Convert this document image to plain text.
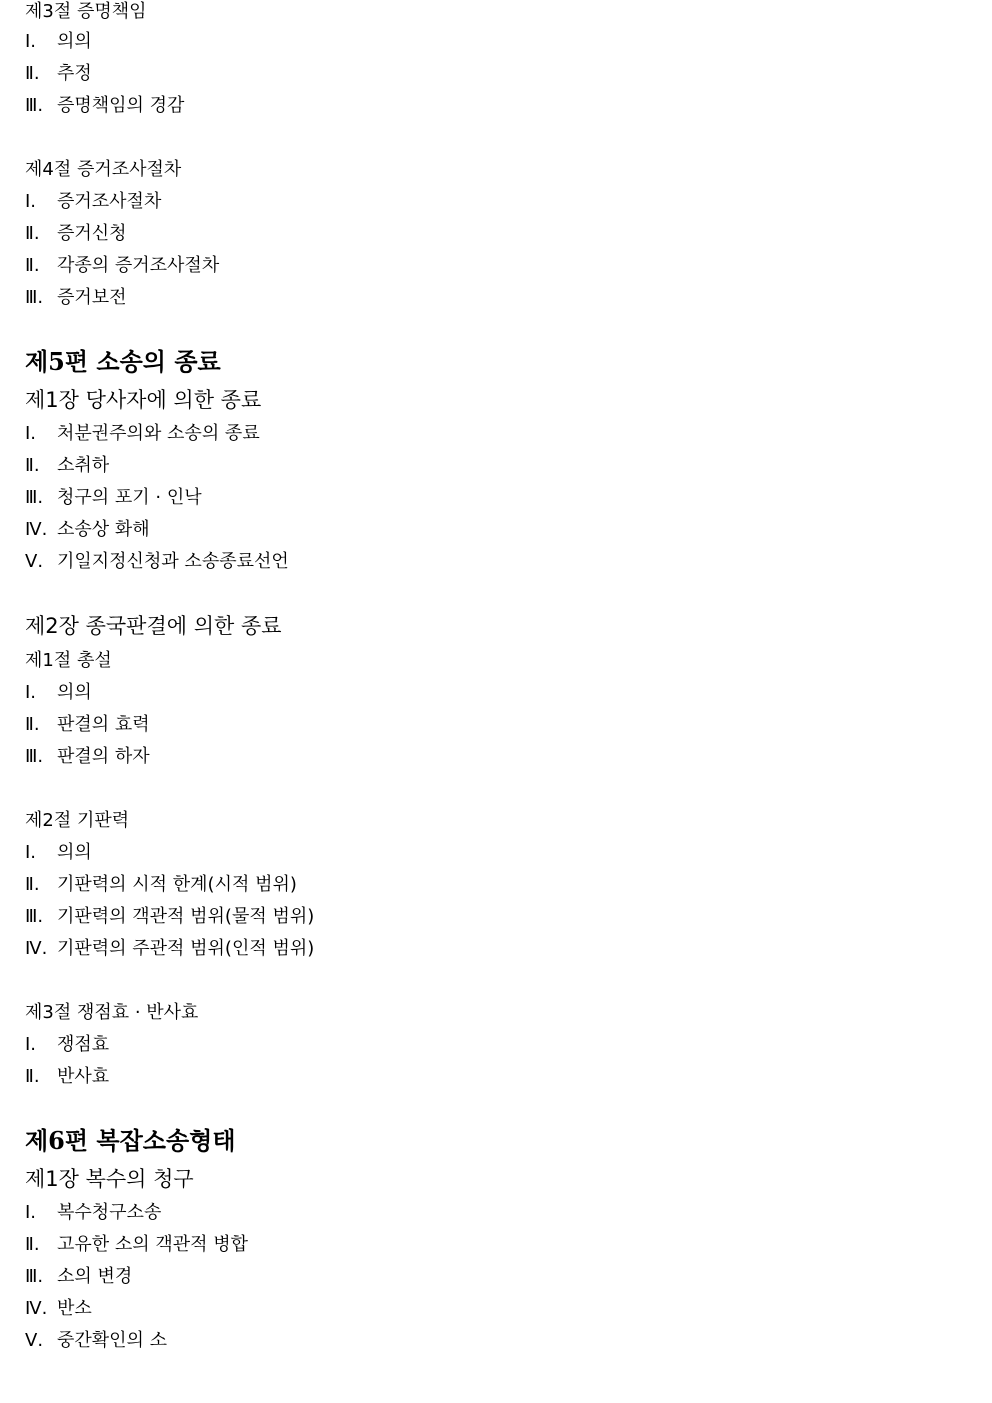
제3절 증명책임
Ⅰ. 의의
Ⅱ. 추정
Ⅲ. 증명책임의 경감
제4절 증거조사절차
Ⅰ. 증거조사절차
Ⅱ. 증거신청
Ⅱ. 각종의 증거조사절차
Ⅲ. 증거보전
제5편 소송의 종료
제1장 당사자에 의한 종료
Ⅰ. 처분권주의와 소송의 종료
Ⅱ. 소취하
Ⅲ. 청구의 포기 · 인낙
Ⅳ. 소송상 화해
Ⅴ. 기일지정신청과 소송종료선언
제2장 종국판결에 의한 종료
제1절 총설
Ⅰ. 의의
Ⅱ. 판결의 효력
Ⅲ. 판결의 하자
제2절 기판력
Ⅰ. 의의
Ⅱ. 기판력의 시적 한계(시적 범위)
Ⅲ. 기판력의 객관적 범위(물적 범위)
Ⅳ. 기판력의 주관적 범위(인적 범위)
제3절 쟁점효 · 반사효
Ⅰ. 쟁점효
Ⅱ. 반사효
제6편 복잡소송형태
제1장 복수의 청구
Ⅰ. 복수청구소송
Ⅱ. 고유한 소의 객관적 병합
Ⅲ. 소의 변경
Ⅳ. 반소
Ⅴ. 중간확인의 소
